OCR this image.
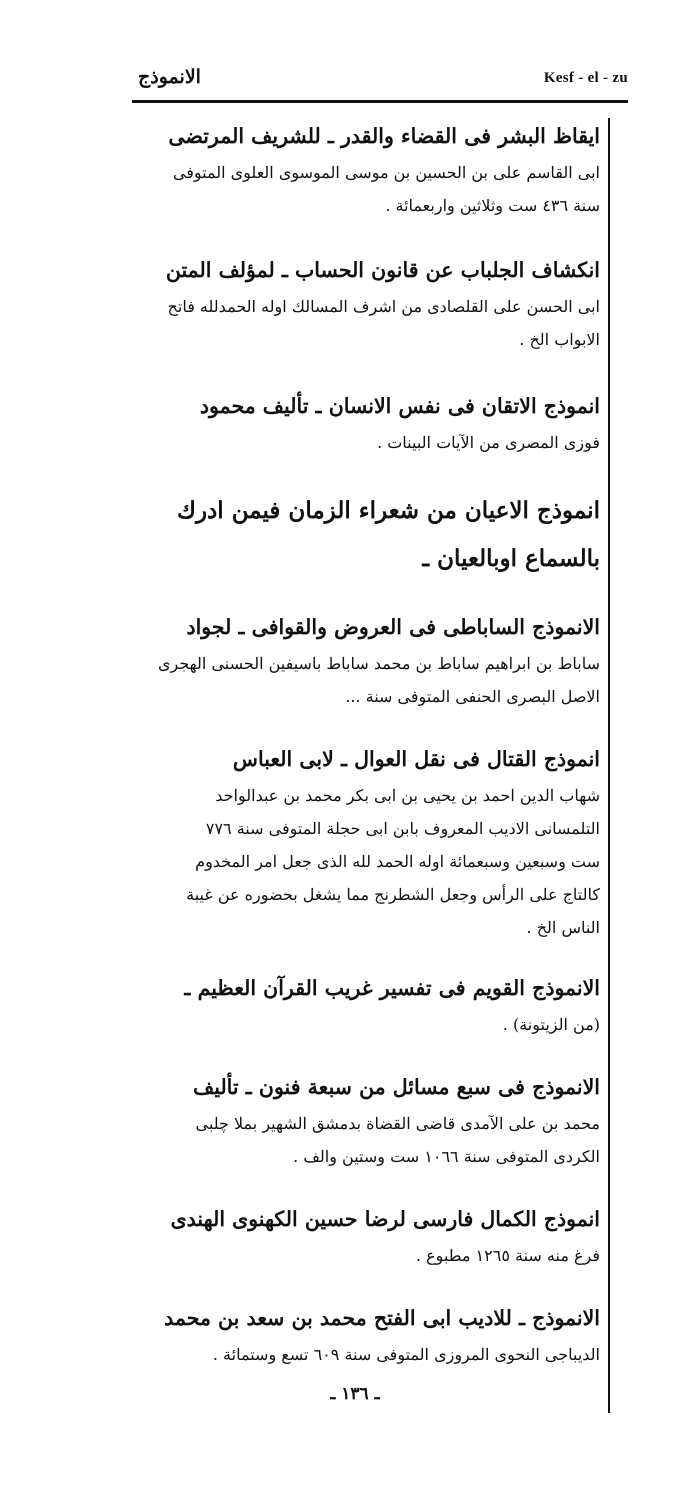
الانموذج	Kesf - el - zu
ايقاظ البشر فى القضاء والقدر ـ للشريف المرتضى
ابى القاسم على بن الحسين بن موسى الموسوى العلوى المتوفى
سنة ٤٣٦ ست وثلاثين واربعمائة .
انكشاف الجلباب عن قانون الحساب ـ لمؤلف المتن
ابى الحسن على القلصادى من اشرف المسالك اوله الحمدلله فاتح
الابواب الخ .
انموذج الاتقان فى نفس الانسان ـ تأليف محمود
فوزى المصرى من الآيات البينات .
انموذج الاعيان من شعراء الزمان فيمن ادرك
بالسماع اوبالعيان ـ
الانموذج الساباطى فى العروض والقوافى ـ لجواد
ساباط بن ابراهيم ساباط بن محمد ساباط باسيفين الحسنى الهجرى
الاصل البصرى الحنفى المتوفى سنة ...
انموذج القتال فى نقل العوال ـ لابى العباس
شهاب الدين احمد بن يحيى بن ابى بكر محمد بن عبدالواحد
التلمسانى الاديب المعروف بابن ابى حجلة المتوفى سنة ٧٧٦
ست وسبعين وسبعمائة اوله الحمد لله الذى جعل امر المخدوم
كالتاج على الرأس وجعل الشطرنج مما يشغل بحضوره عن غيبة
الناس الخ .
الانموذج القويم فى تفسير غريب القرآن العظيم ـ
(من الزيتونة) .
الانموذج فى سبع مسائل من سبعة فنون ـ تأليف
محمد بن على الآمدى قاضى القضاة بدمشق الشهير بملا چلبى
الكردى المتوفى سنة ١٠٦٦ ست وستين والف .
انموذج الكمال فارسى لرضا حسين الكهنوى الهندى
فرغ منه سنة ١٢٦٥ مطبوع .
الانموذج ـ للاديب ابى الفتح محمد بن سعد بن محمد
الديباجى النحوى المروزى المتوفى سنة ٦٠٩ تسع وستمائة .
ـ ١٣٦ ـ
